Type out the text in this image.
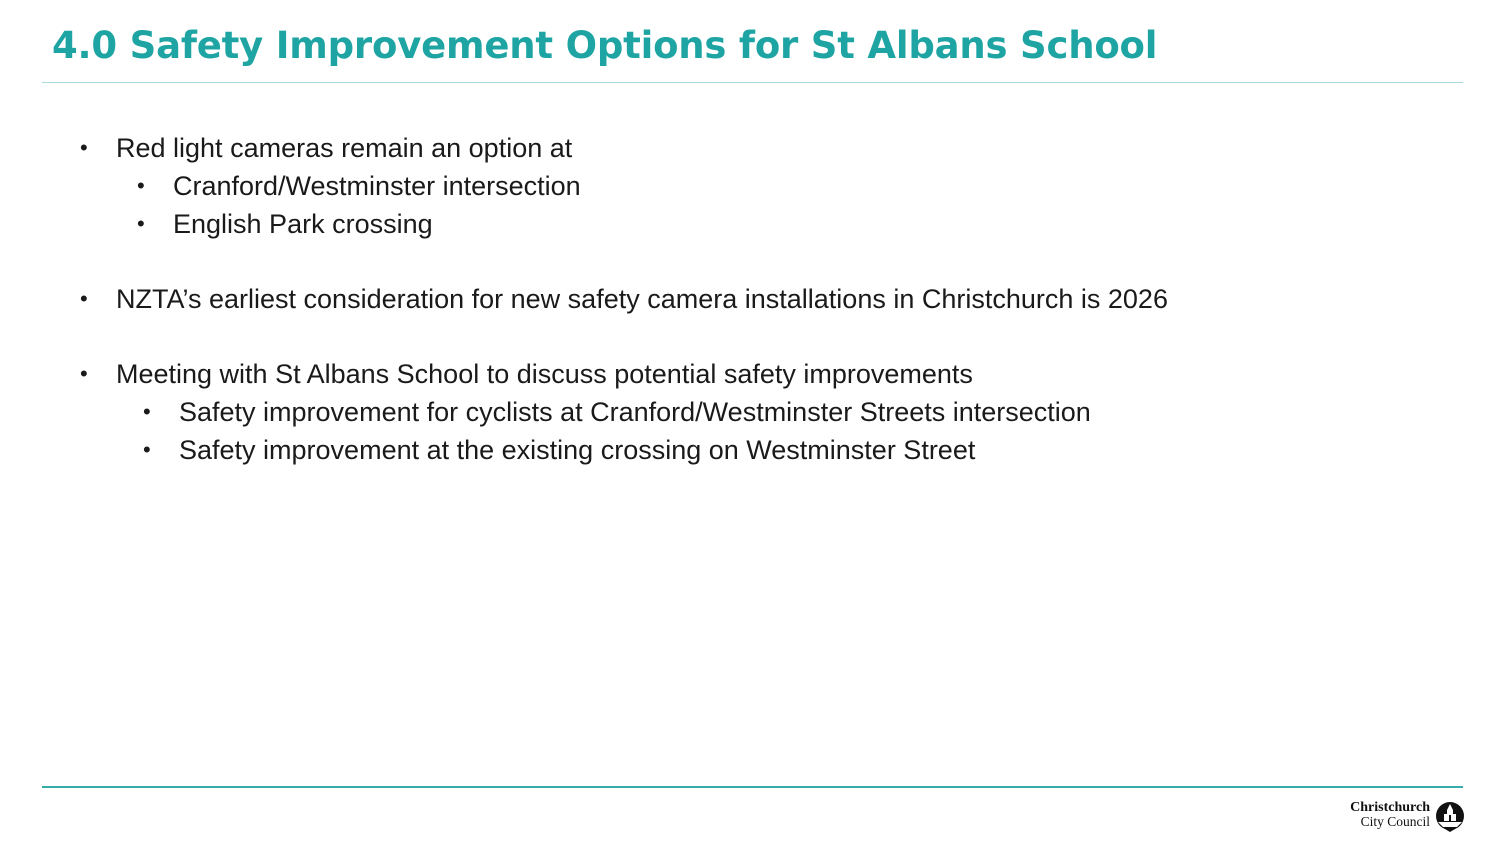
4.0 Safety Improvement Options for St Albans School
• Red light cameras remain an option at
• Cranford/Westminster intersection
• English Park crossing
• NZTA’s earliest consideration for new safety camera installations in Christchurch is 2026
• Meeting with St Albans School to discuss potential safety improvements
• Safety improvement for cyclists at Cranford/Westminster Streets intersection
• Safety improvement at the existing crossing on Westminster Street
Christchurch
City Council
